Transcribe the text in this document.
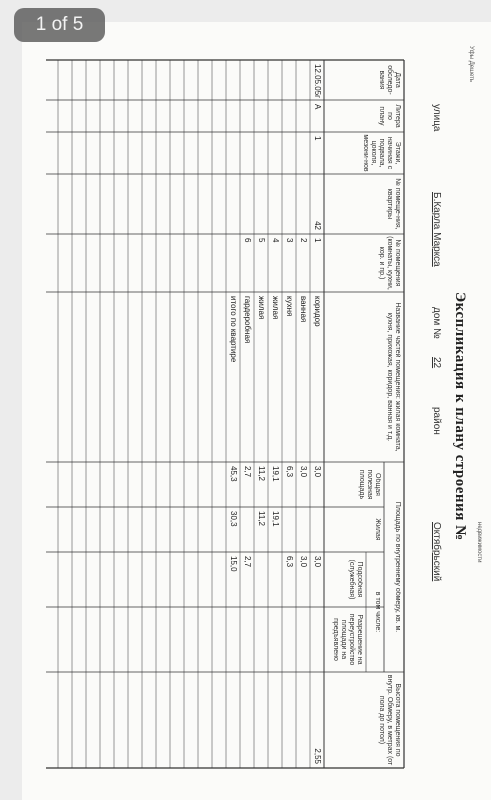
улица
Б.Карла Маркса
дом №
22
район
Октябрьский
Экспликация к плану строения №
Дата обследо-вания
Литера по плану
Этажи, начиная с подвала, цоколя, мезони-нов
№ помеще-ния, квартиры
№ помещения (комнаты, кухни, кор. и пр.)
Название частей помещения: жилая комната, кухня, прихожая, коридор, ванная и т.д.
Площадь по внутреннему обмеру, кв. м.
Общая полезная площадь
Жилая
в том числе:
Подсобная (служебная)
Разрешение на переустройство площади на предъявлено
Высота помещения по внутр. Обмеру, в метрах (от пола до потол)
12.05.05г
А
1
42
2,55
1
коридор
3,0
3,0
2
ванная
3,0
3,0
3
кухня
6,3
6,3
4
жилая
19,1
19,1
5
жилая
11,2
11,2
6
гардеробная
2,7
2,7
итого по квартире
45,3
30,3
15,0
Уфы Дешеть
недвижимости
1 of 5
